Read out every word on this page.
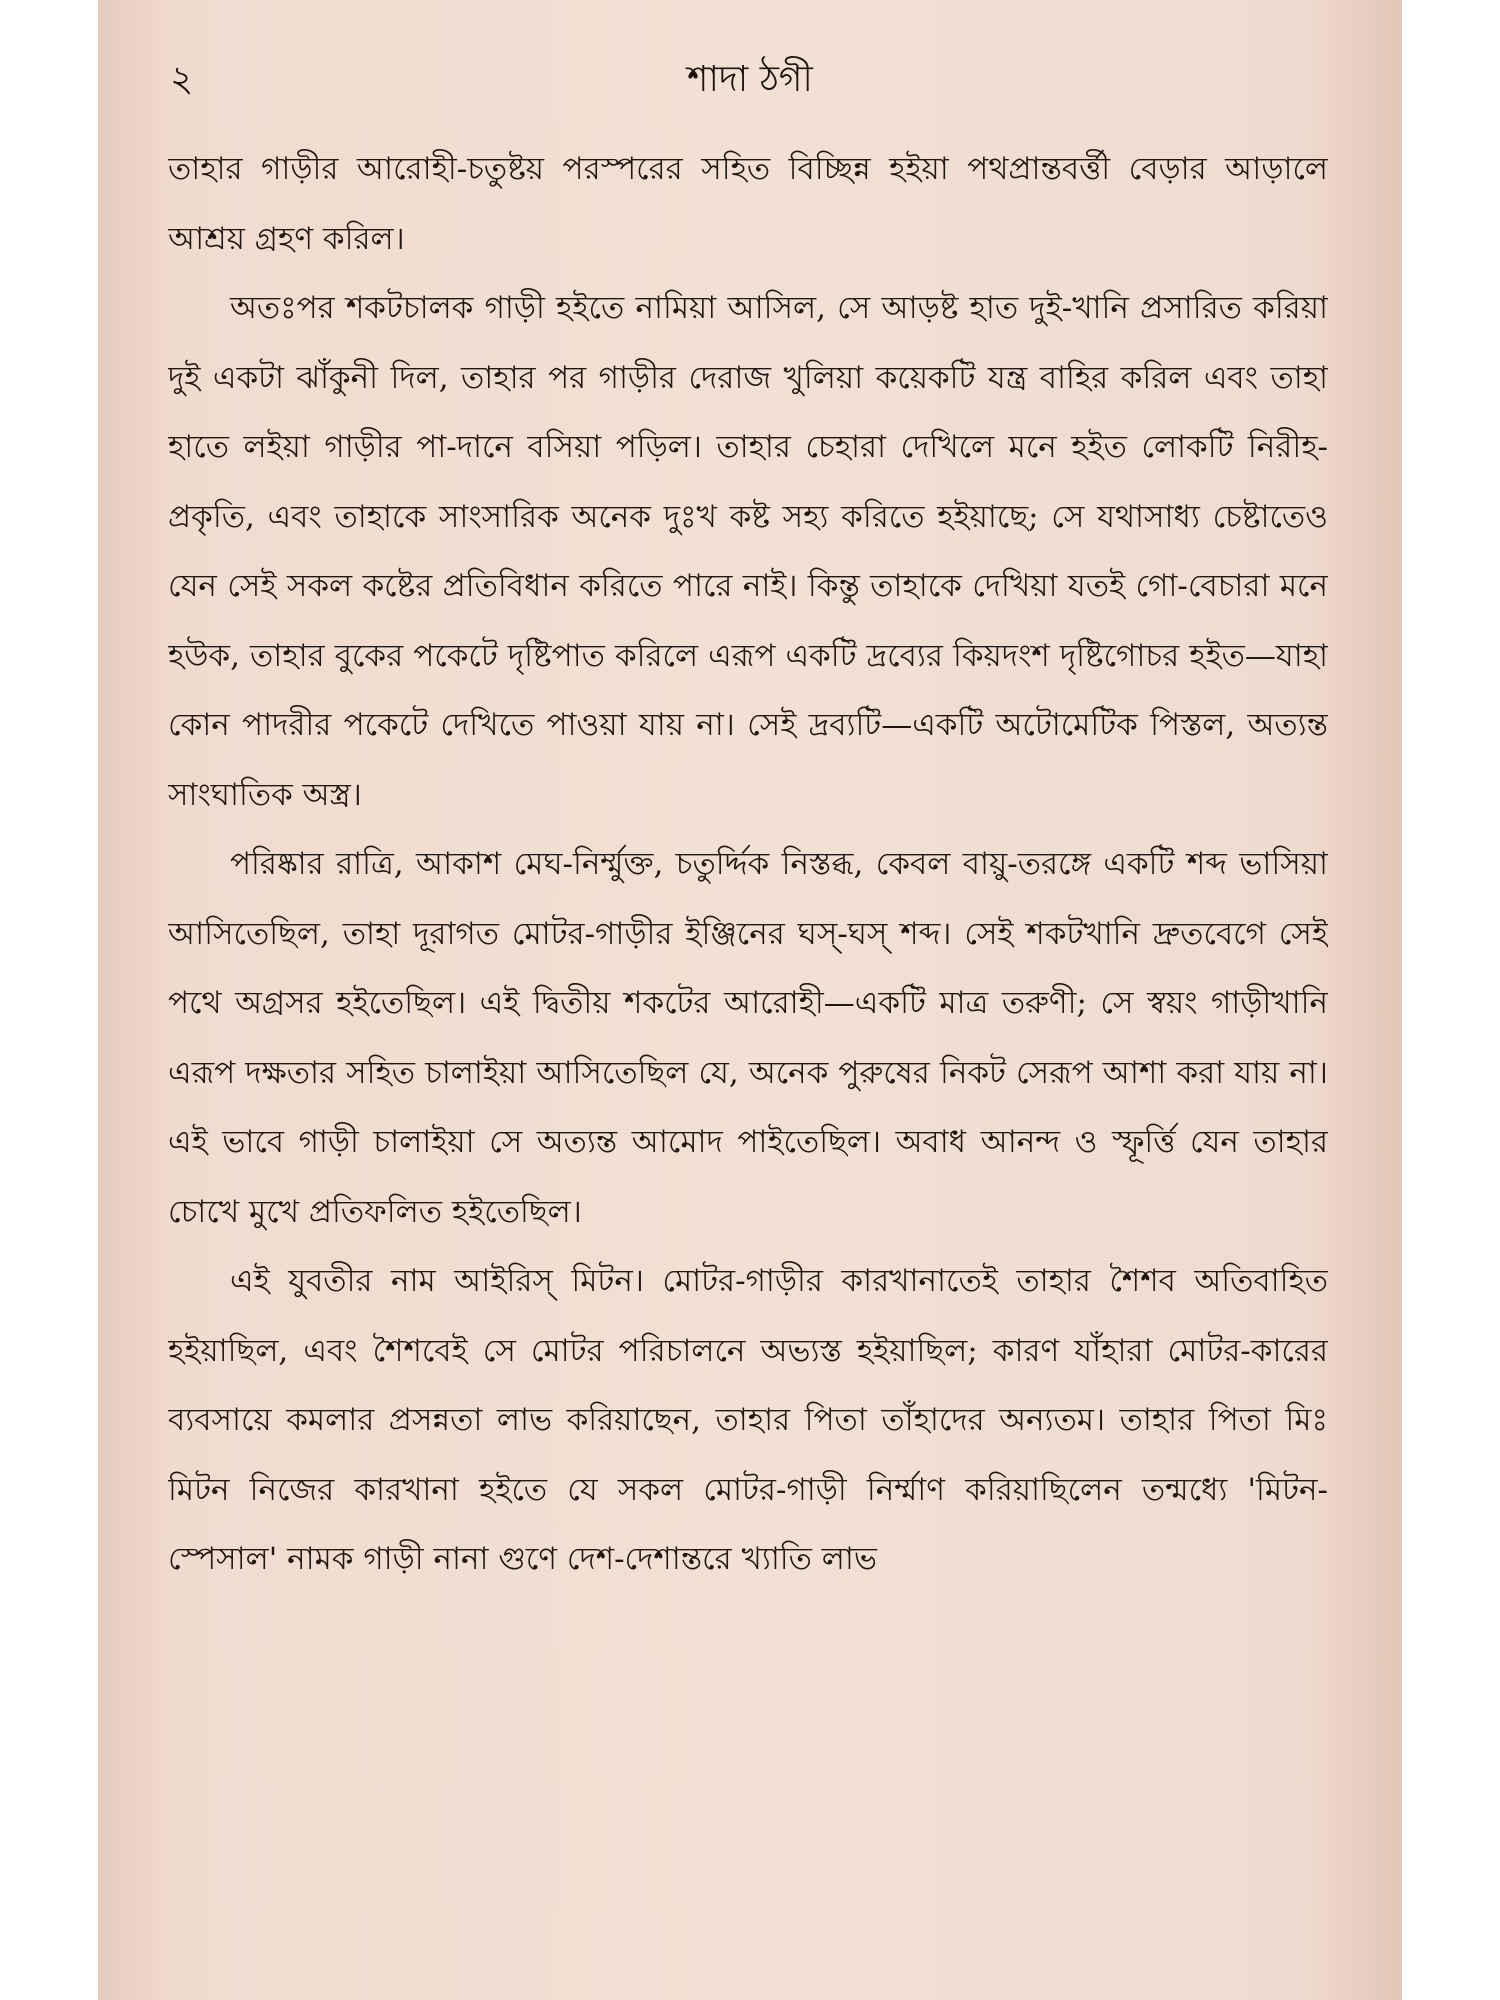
২	শাদা ঠগী

তাহার গাড়ীর আরোহী-চতুষ্টয় পরস্পরের সহিত বিচ্ছিন্ন হইয়া পথপ্রান্তবর্ত্তী বেড়ার আড়ালে আশ্রয় গ্রহণ করিল।

অতঃপর শকটচালক গাড়ী হইতে নামিয়া আসিল, সে আড়ষ্ট হাত দুই-খানি প্রসারিত করিয়া দুই একটা ঝাঁকুনী দিল, তাহার পর গাড়ীর দেরাজ খুলিয়া কয়েকটি যন্ত্র বাহির করিল এবং তাহা হাতে লইয়া গাড়ীর পা-দানে বসিয়া পড়িল। তাহার চেহারা দেখিলে মনে হইত লোকটি নিরীহ-প্রকৃতি, এবং তাহাকে সাংসারিক অনেক দুঃখ কষ্ট সহ্য করিতে হইয়াছে; সে যথাসাধ্য চেষ্টাতেও যেন সেই সকল কষ্টের প্রতিবিধান করিতে পারে নাই। কিন্তু তাহাকে দেখিয়া যতই গো-বেচারা মনে হউক, তাহার বুকের পকেটে দৃষ্টিপাত করিলে এরূপ একটি দ্রব্যের কিয়দংশ দৃষ্টিগোচর হইত—যাহা কোন পাদরীর পকেটে দেখিতে পাওয়া যায় না। সেই দ্রব্যটি—একটি অটোমেটিক পিস্তল, অত্যন্ত সাংঘাতিক অস্ত্র।

পরিষ্কার রাত্রি, আকাশ মেঘ-নির্ম্মুক্ত, চতুর্দ্দিক নিস্তব্ধ, কেবল বায়ু-তরঙ্গে একটি শব্দ ভাসিয়া আসিতেছিল, তাহা দূরাগত মোটর-গাড়ীর ইঞ্জিনের ঘস্-ঘস্ শব্দ। সেই শকটখানি দ্রুতবেগে সেই পথে অগ্রসর হইতেছিল। এই দ্বিতীয় শকটের আরোহী—একটি মাত্র তরুণী; সে স্বয়ং গাড়ীখানি এরূপ দক্ষতার সহিত চালাইয়া আসিতেছিল যে, অনেক পুরুষের নিকট সেরূপ আশা করা যায় না। এই ভাবে গাড়ী চালাইয়া সে অত্যন্ত আমোদ পাইতেছিল। অবাধ আনন্দ ও স্ফূর্ত্তি যেন তাহার চোখে মুখে প্রতিফলিত হইতেছিল।

এই যুবতীর নাম আইরিস্ মিটন। মোটর-গাড়ীর কারখানাতেই তাহার শৈশব অতিবাহিত হইয়াছিল, এবং শৈশবেই সে মোটর পরিচালনে অভ্যস্ত হইয়াছিল; কারণ যাঁহারা মোটর-কারের ব্যবসায়ে কমলার প্রসন্নতা লাভ করিয়াছেন, তাহার পিতা তাঁহাদের অন্যতম। তাহার পিতা মিঃ মিটন নিজের কারখানা হইতে যে সকল মোটর-গাড়ী নির্ম্মাণ করিয়াছিলেন তন্মধ্যে 'মিটন-স্পেসাল' নামক গাড়ী নানা গুণে দেশ-দেশান্তরে খ্যাতি লাভ
